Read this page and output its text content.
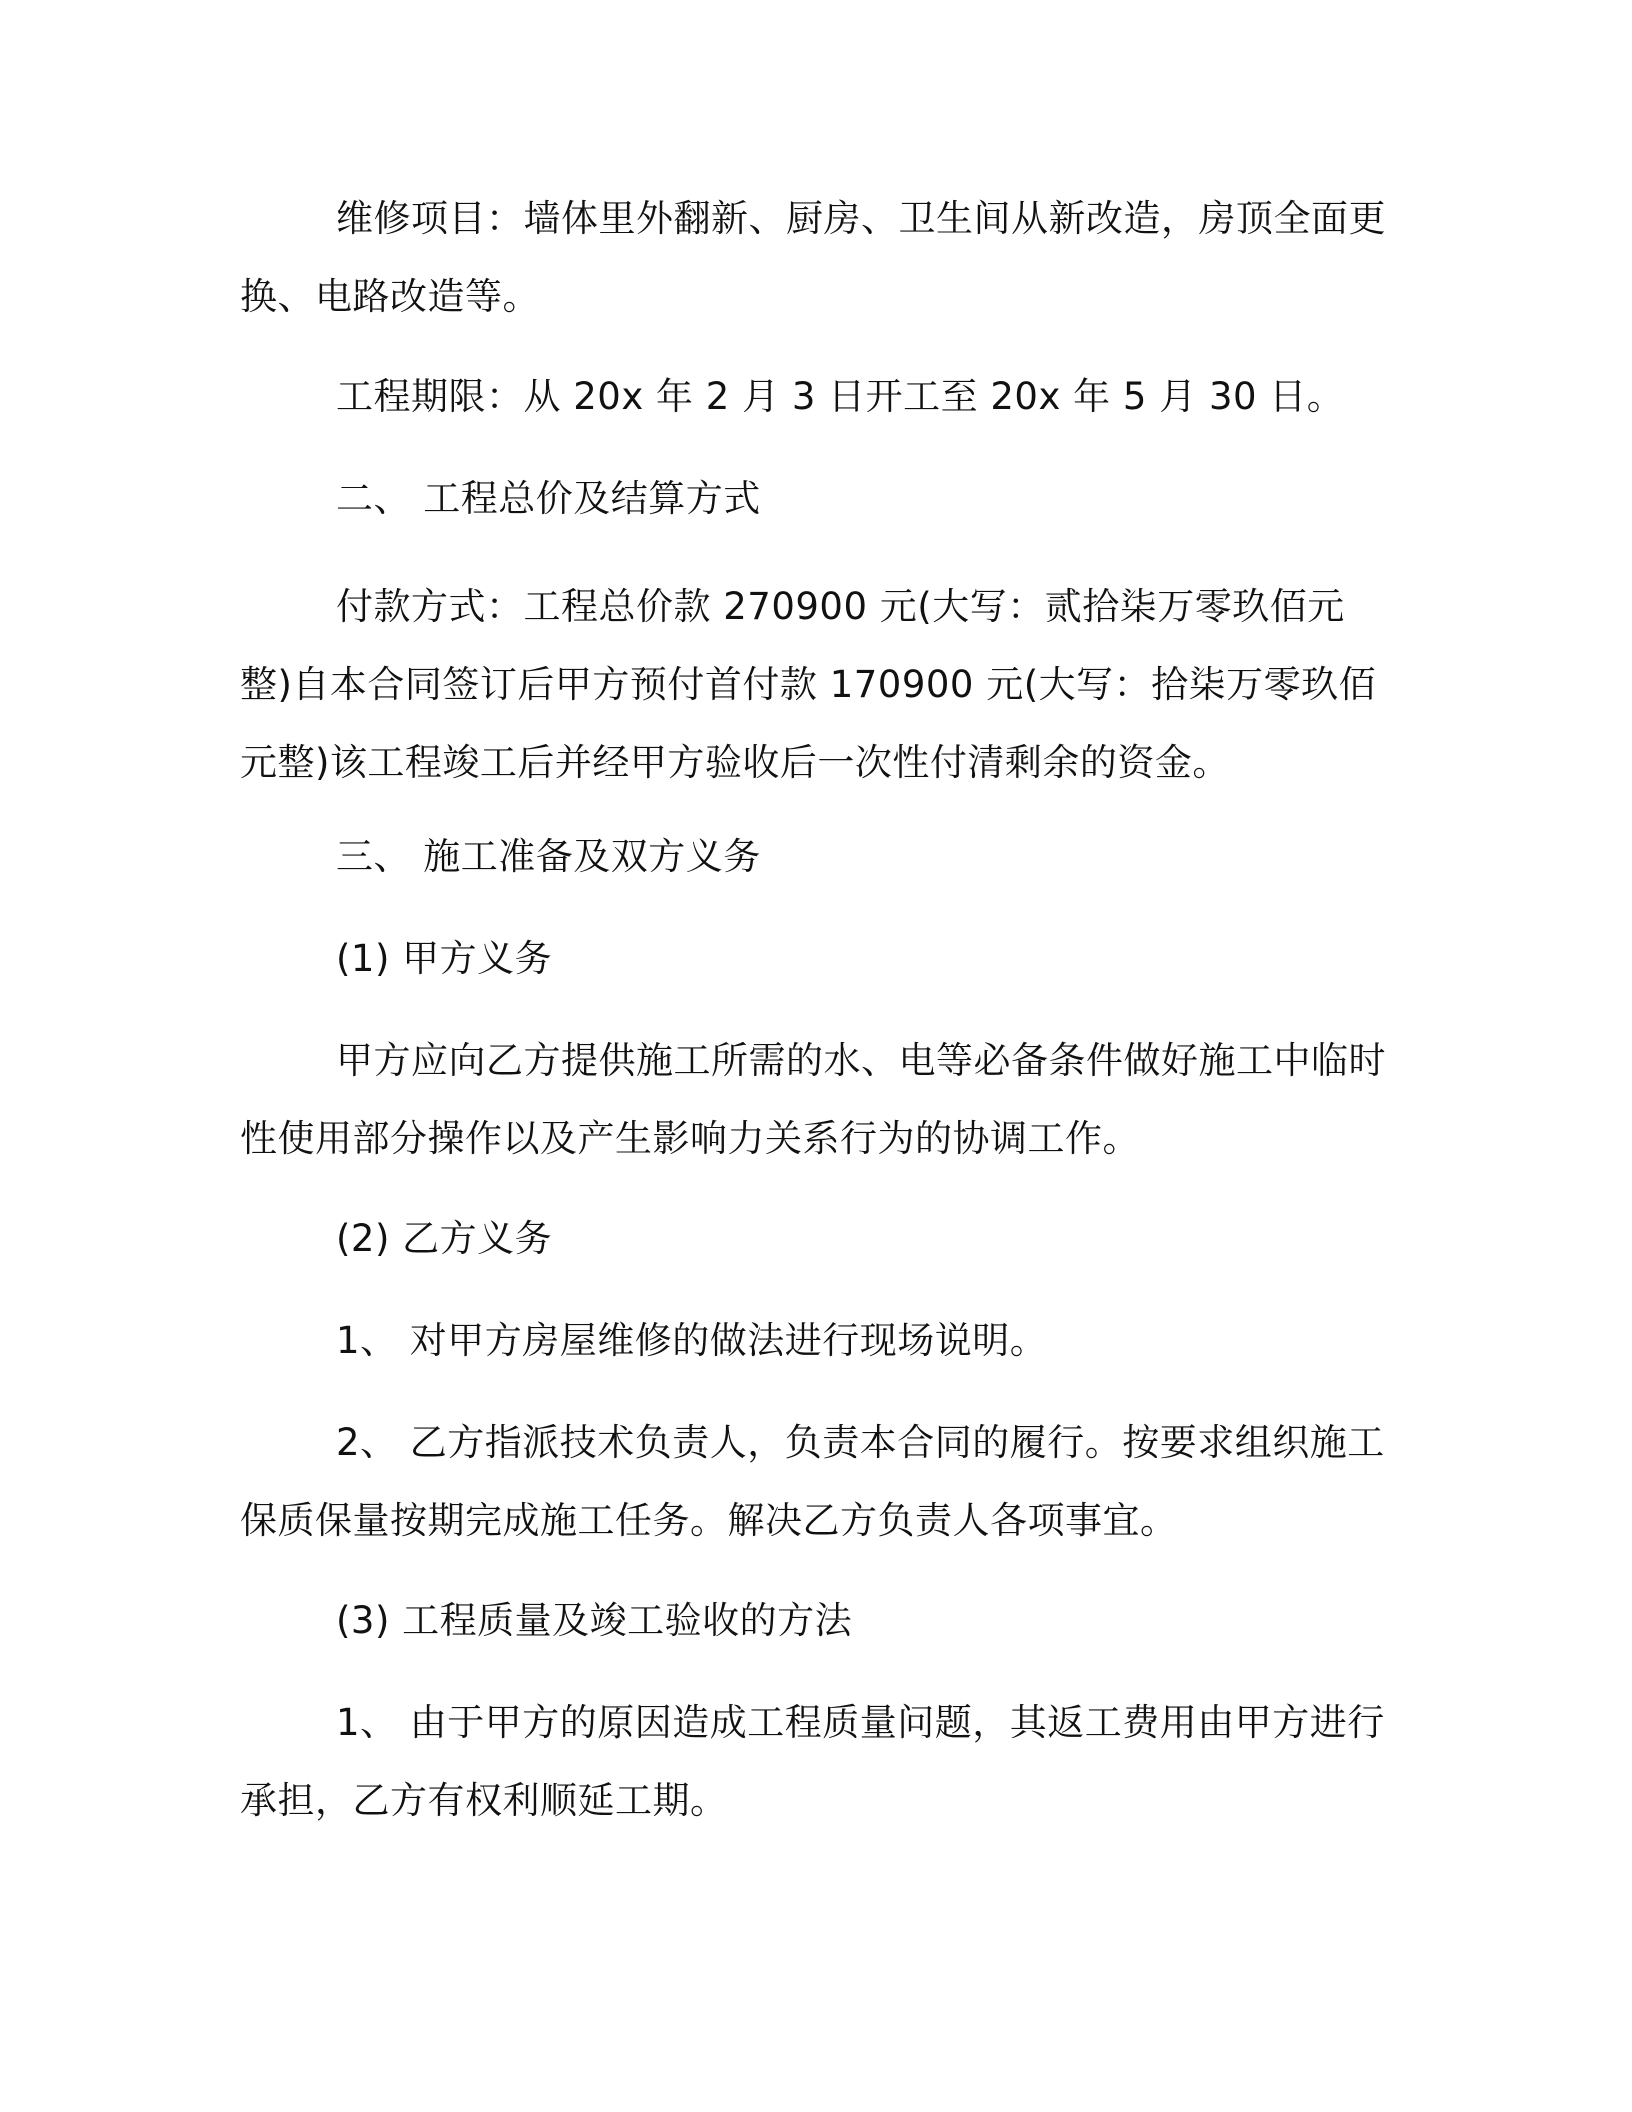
维修项目：墙体里外翻新、厨房、卫生间从新改造，房顶全面更换、电路改造等。

工程期限：从 20x 年 2 月 3 日开工至 20x 年 5 月 30 日。

二、 工程总价及结算方式

付款方式：工程总价款 270900 元(大写：贰拾柒万零玖佰元整)自本合同签订后甲方预付首付款 170900 元(大写：拾柒万零玖佰元整)该工程竣工后并经甲方验收后一次性付清剩余的资金。

三、 施工准备及双方义务

(1) 甲方义务

甲方应向乙方提供施工所需的水、电等必备条件做好施工中临时性使用部分操作以及产生影响力关系行为的协调工作。

(2) 乙方义务

1、 对甲方房屋维修的做法进行现场说明。

2、 乙方指派技术负责人，负责本合同的履行。按要求组织施工保质保量按期完成施工任务。解决乙方负责人各项事宜。

(3) 工程质量及竣工验收的方法

1、 由于甲方的原因造成工程质量问题，其返工费用由甲方进行承担，乙方有权利顺延工期。
